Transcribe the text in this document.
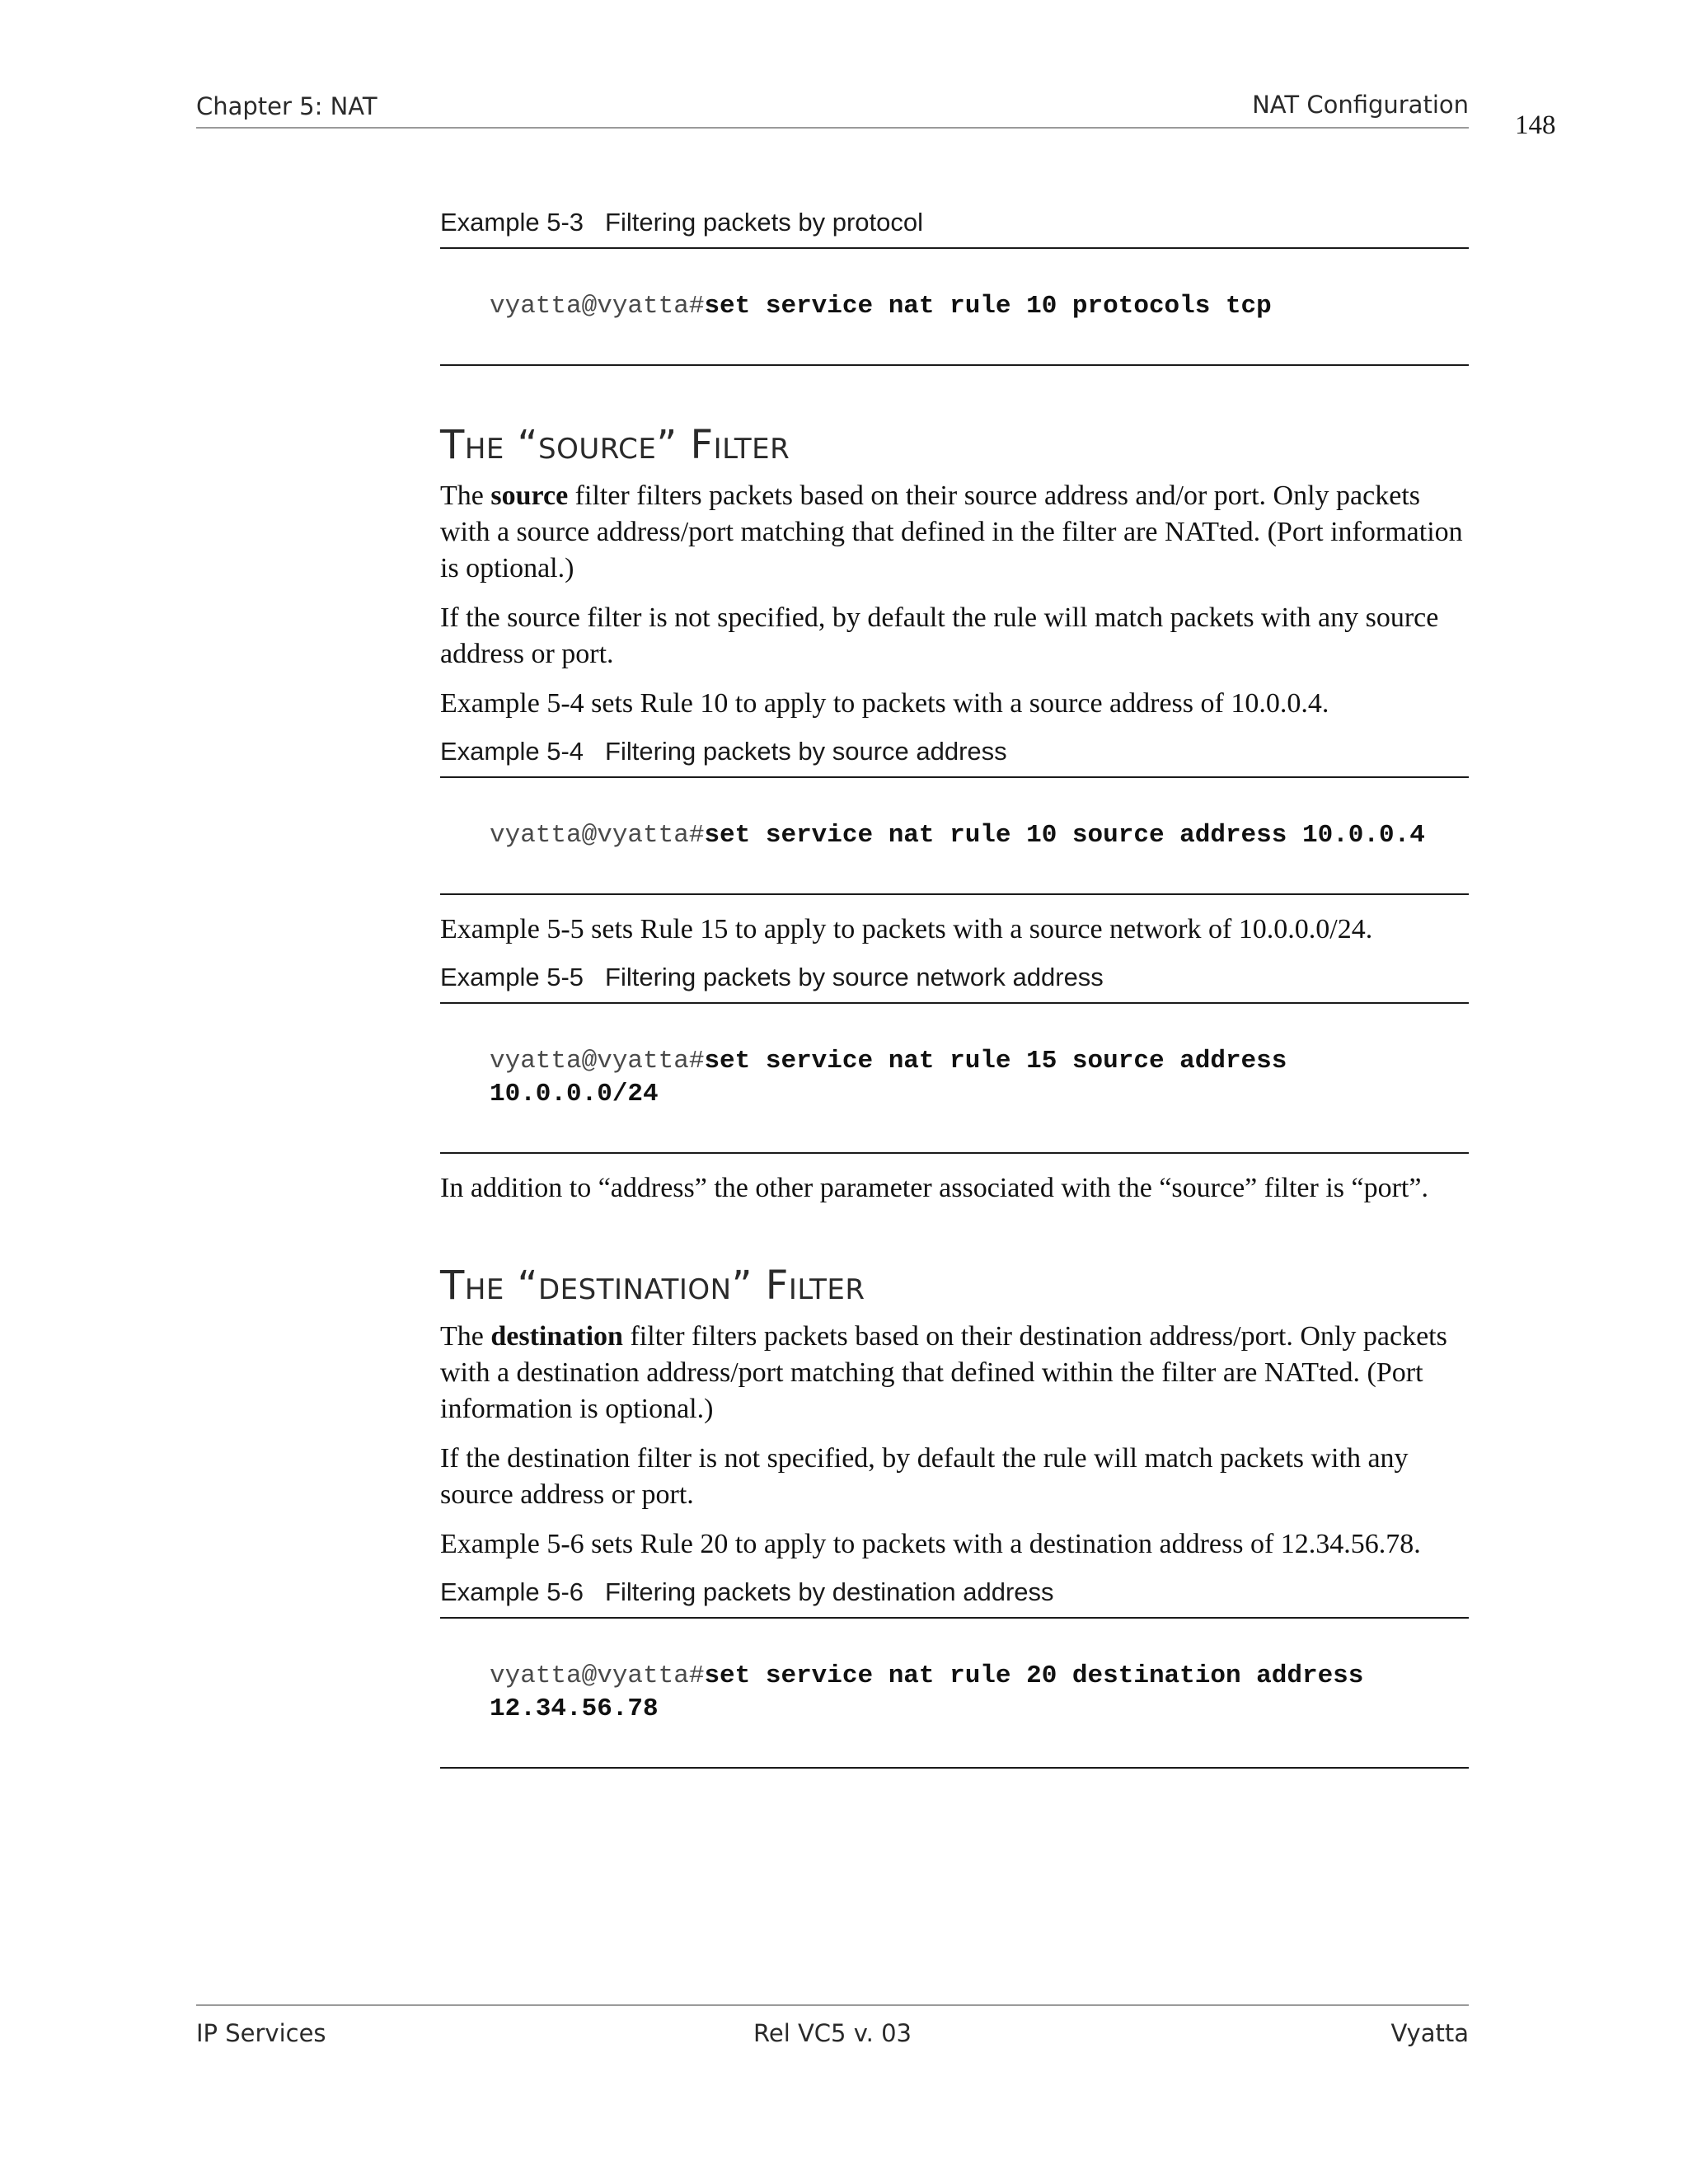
Chapter 5: NAT	NAT Configuration
148

Example 5-3 Filtering packets by protocol

vyatta@vyatta#set service nat rule 10 protocols tcp
The “source” Filter

The source filter filters packets based on their source address and/or port. Only packets with a source address/port matching that defined in the filter are NATted. (Port information is optional.)

If the source filter is not specified, by default the rule will match packets with any source address or port.

Example 5-4 sets Rule 10 to apply to packets with a source address of 10.0.0.4.

Example 5-4 Filtering packets by source address

vyatta@vyatta#set service nat rule 10 source address 10.0.0.4

Example 5-5 sets Rule 15 to apply to packets with a source network of 10.0.0.0/24.

Example 5-5 Filtering packets by source network address

vyatta@vyatta#set service nat rule 15 source address 10.0.0.0/24

In addition to “address” the other parameter associated with the “source” filter is “port”.

The “destination” Filter

The destination filter filters packets based on their destination address/port. Only packets with a destination address/port matching that defined within the filter are NATted. (Port information is optional.)

If the destination filter is not specified, by default the rule will match packets with any source address or port.

Example 5-6 sets Rule 20 to apply to packets with a destination address of 12.34.56.78.

Example 5-6 Filtering packets by destination address

vyatta@vyatta#set service nat rule 20 destination address
12.34.56.78
IP Services	Rel VC5 v. 03	Vyatta
